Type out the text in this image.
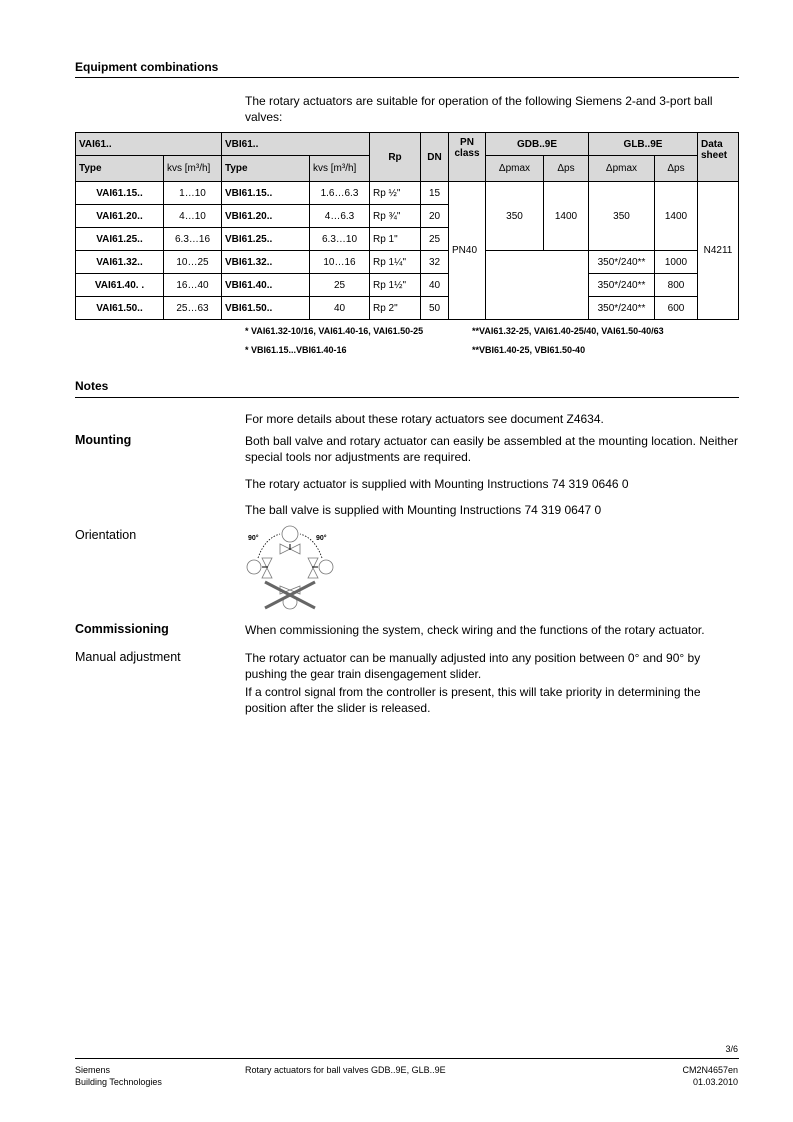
Equipment combinations
The rotary actuators are suitable for operation of the following Siemens 2-and 3-port ball valves:
VAI61..		VBI61..		Rp	DN	PN class	GDB..9E		GLB..9E		Data sheet
Type	kvs [m³/h]	Type	kvs [m³/h]				Δpmax	Δps	Δpmax	Δps	
VAI61.15..	1…10	VBI61.15..	1.6…6.3	Rp ½"	15	PN40	350	1400	350	1400	N4211
VAI61.20..	4…10	VBI61.20..	4…6.3	Rp ¾"	20						
VAI61.25..	6.3…16	VBI61.25..	6.3…10	Rp 1"	25						
VAI61.32..	10…25	VBI61.32..	10…16	Rp 1¼"	32				350*/240**	1000	
VAI61.40. .	16…40	VBI61.40..	25	Rp 1½"	40				350*/240**	800	
VAI61.50..	25…63	VBI61.50..	40	Rp 2"	50				350*/240**	600	
* VAI61.32-10/16, VAI61.40-16, VAI61.50-25	**VAI61.32-25, VAI61.40-25/40, VAI61.50-40/63
* VBI61.15...VBI61.40-16	**VBI61.40-25, VBI61.50-40
Notes
For more details about these rotary actuators see document Z4634.
Mounting	Both ball valve and rotary actuator can easily be assembled at the mounting location. Neither special tools nor adjustments are required.
The rotary actuator is supplied with Mounting Instructions 74 319 0646 0
The ball valve is supplied with Mounting Instructions 74 319 0647 0
Orientation	90°	90°
Commissioning	When commissioning the system, check wiring and the functions of the rotary actuator.
Manual adjustment	The rotary actuator can be manually adjusted into any position between 0° and 90° by pushing the gear train disengagement slider.
If a control signal from the controller is present, this will take priority in determining the position after the slider is released.
3/6
Siemens
Building Technologies
Rotary actuators for ball valves GDB..9E, GLB..9E	CM2N4657en
01.03.2010
